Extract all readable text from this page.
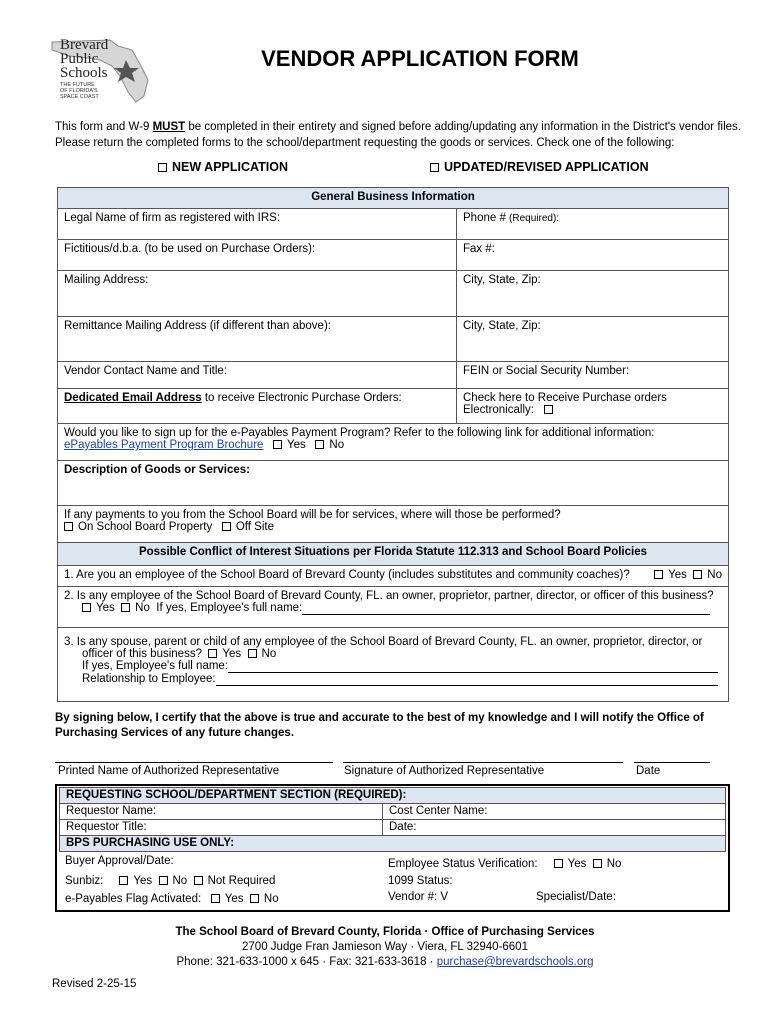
Brevard
Public
Schools
THE FUTURE
OF FLORIDA'S
SPACE COAST
VENDOR APPLICATION FORM
This form and W-9 MUST be completed in their entirety and signed before adding/updating any information in the District's vendor files.
Please return the completed forms to the school/department requesting the goods or services. Check one of the following:
NEW APPLICATION	UPDATED/REVISED APPLICATION
General Business Information	
Legal Name of firm as registered with IRS:	Phone # (Required):
Fictitious/d.b.a. (to be used on Purchase Orders):	Fax #:
Mailing Address:	City, State, Zip:
Remittance Mailing Address (if different than above):	City, State, Zip:
Vendor Contact Name and Title:	FEIN or Social Security Number:
Dedicated Email Address to receive Electronic Purchase Orders:	Check here to Receive Purchase orders
Electronically:

Would you like to sign up for the e-Payables Payment Program? Refer to the following link for additional information:
ePayables Payment Program Brochure Yes No	

Description of Goods or Services:	

If any payments to you from the School Board will be for services, where will those be performed?
On School Board Property Off Site	

Possible Conflict of Interest Situations per Florida Statute 112.313 and School Board Policies	
1. Are you an employee of the School Board of Brevard County (includes substitutes and community coaches)? Yes No	

2. Is any employee of the School Board of Brevard County, FL. an owner, proprietor, partner, director, or officer of this business?
Yes No If yes, Employee's full name:	

3. Is any spouse, parent or child of any employee of the School Board of Brevard County, FL. an owner, proprietor, director, or
officer of this business? Yes No
If yes, Employee's full name:
Relationship to Employee:	
By signing below, I certify that the above is true and accurate to the best of my knowledge and I will notify the Office of Purchasing Services of any future changes.
Printed Name of Authorized Representative	Signature of Authorized Representative	Date
REQUESTING SCHOOL/DEPARTMENT SECTION (REQUIRED):	
Requestor Name:	Cost Center Name:
Requestor Title:	Date:
BPS PURCHASING USE ONLY:	
Buyer Approval/Date:	Employee Status Verification:	Yes No
Sunbiz:	Yes No Not Required	1099 Status:
e-Payables Flag Activated: Yes No	Vendor #: V	Specialist/Date:
The School Board of Brevard County, Florida · Office of Purchasing Services
2700 Judge Fran Jamieson Way · Viera, FL 32940-6601
Phone: 321-633-1000 x 645 · Fax: 321-633-3618 · purchase@brevardschools.org
Revised 2-25-15
